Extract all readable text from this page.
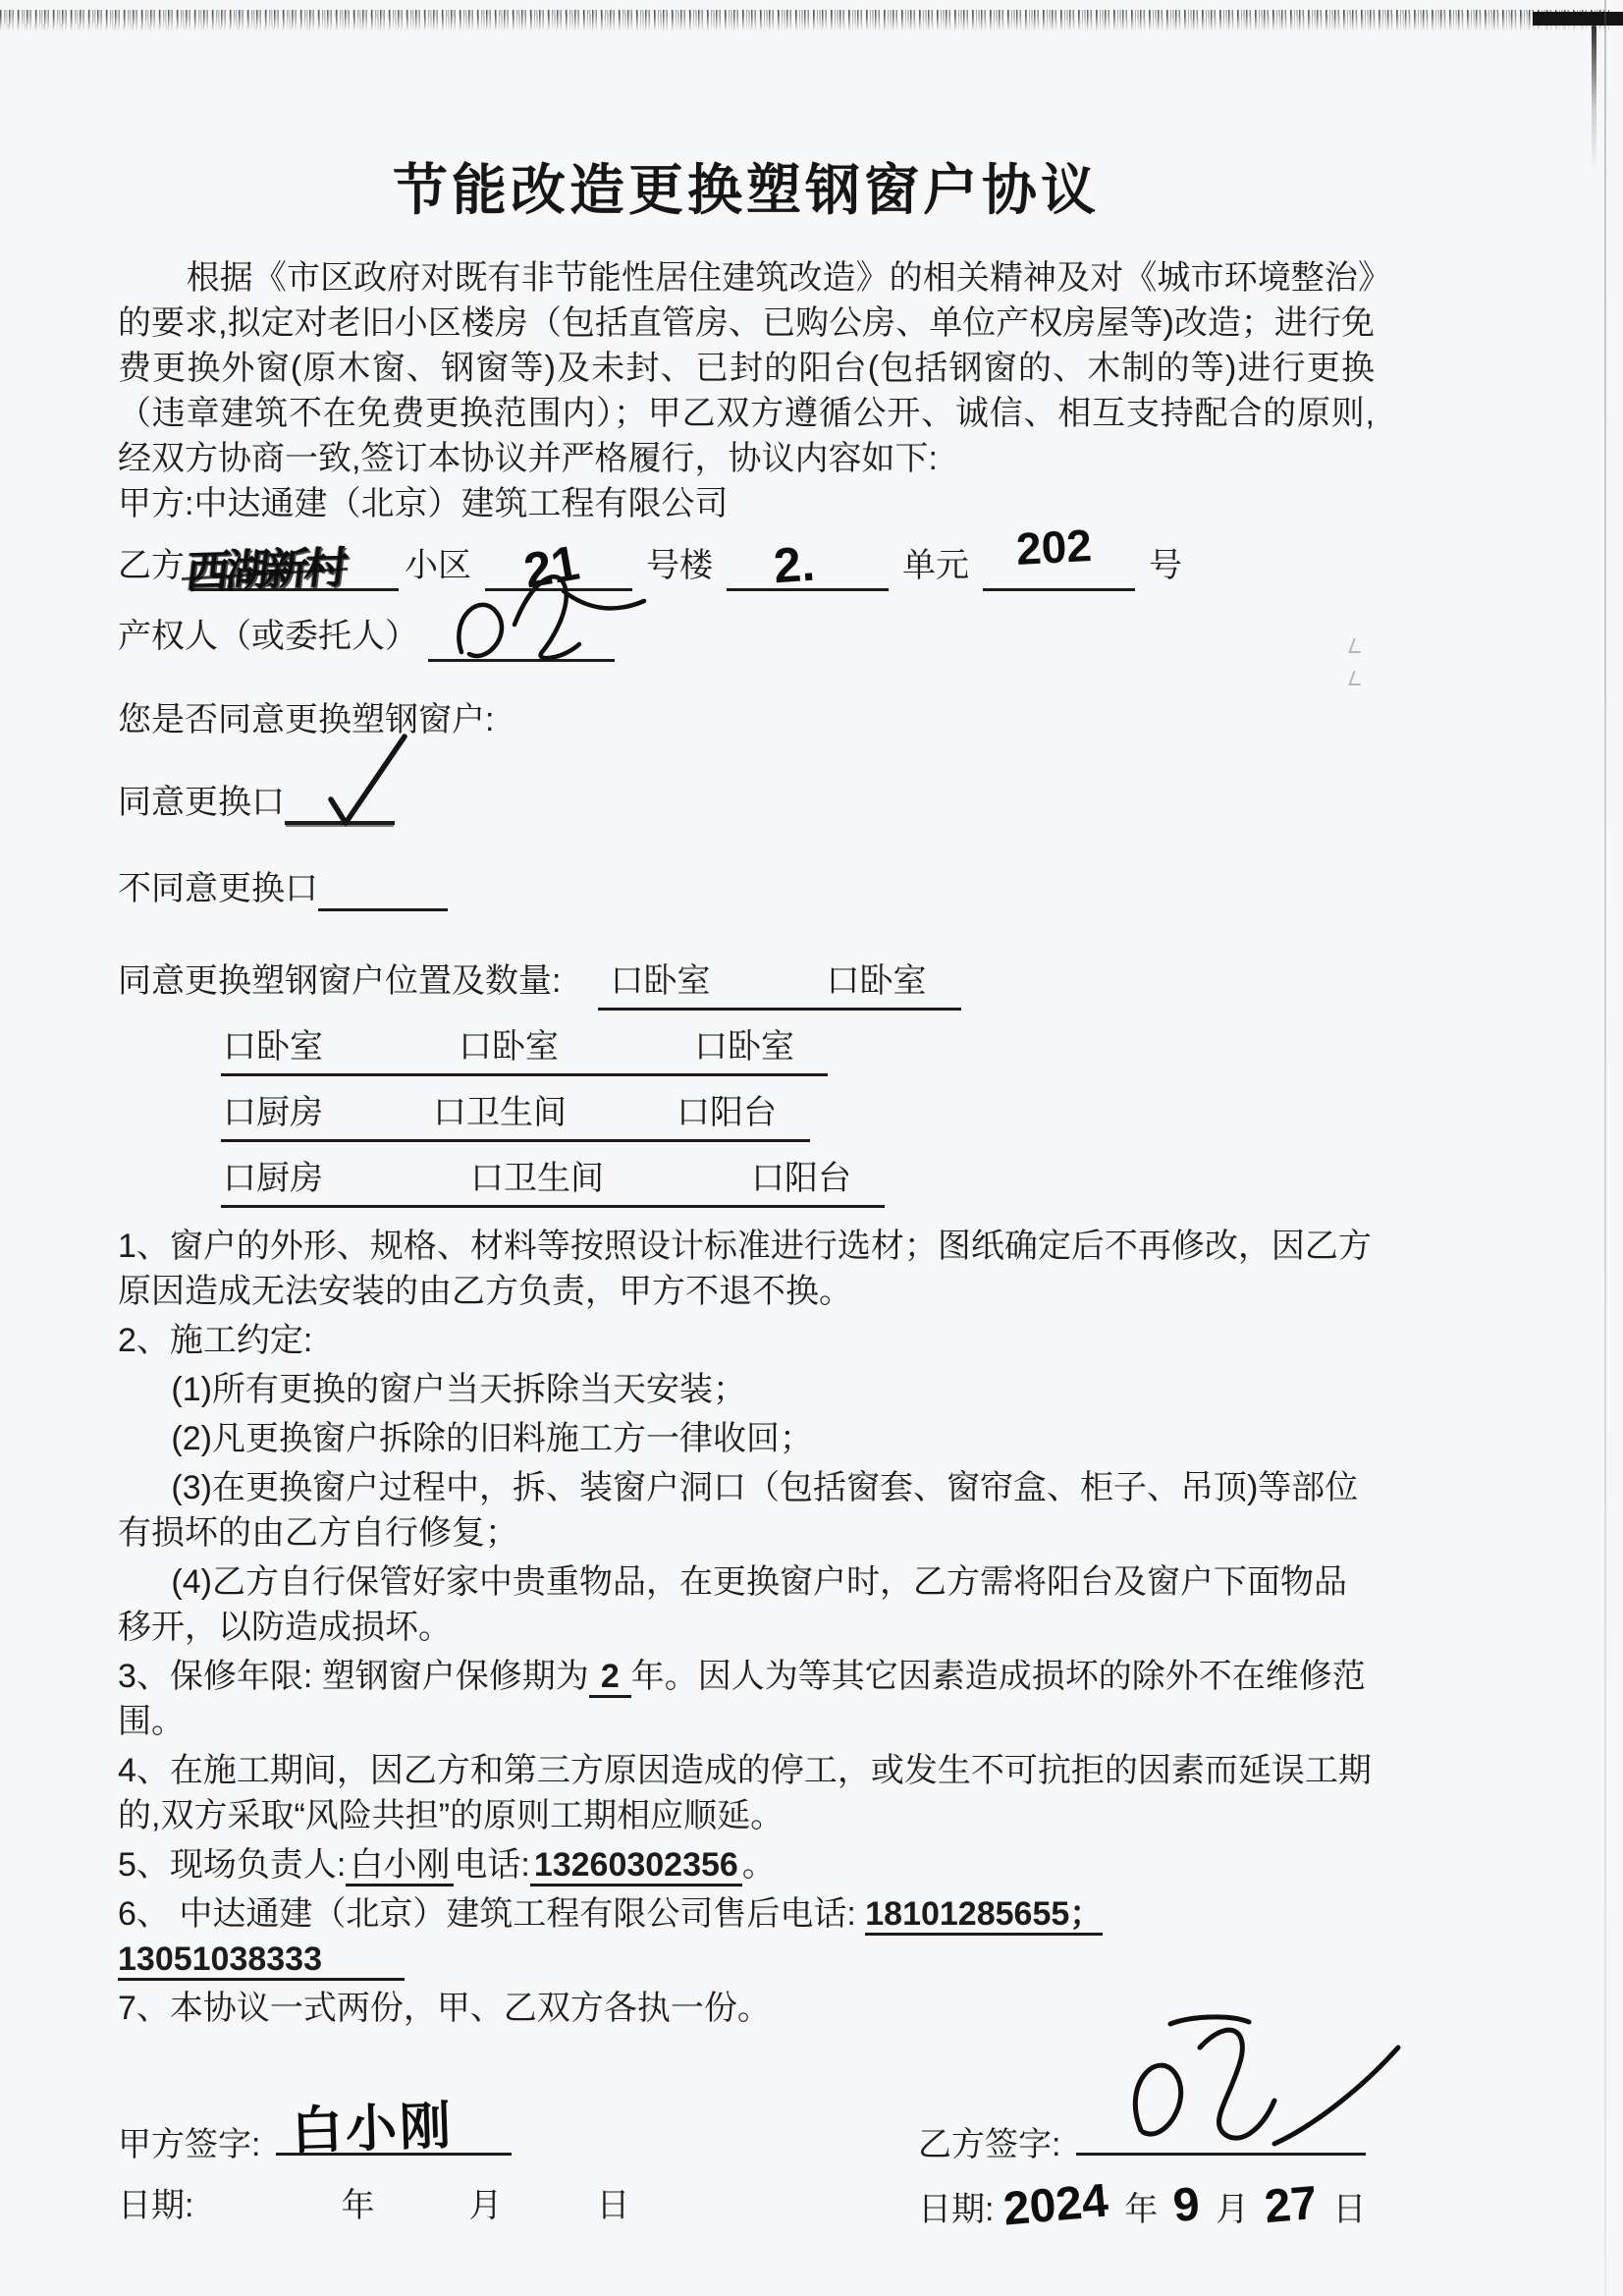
节能改造更换塑钢窗户协议

根据《市区政府对既有非节能性居住建筑改造》的相关精神及对《城市环境整治》的要求,拟定对老旧小区楼房（包括直管房、已购公房、单位产权房屋等)改造；进行免费更换外窗(原木窗、钢窗等)及未封、已封的阳台(包括钢窗的、木制的等)进行更换（违章建筑不在免费更换范围内）；甲乙双方遵循公开、诚信、相互支持配合的原则,经双方协商一致,签订本协议并严格履行，协议内容如下:

甲方:中达通建（北京）建筑工程有限公司

乙方
西湖新村 小区 21 号楼 2.	单元 202 号
产权人（或委托人）

您是否同意更换塑钢窗户:

同意更换口
不同意更换口
同意更换塑钢窗户位置及数量: 口卧室	口卧室
口卧室	口卧室	口卧室
口厨房	口卫生间	口阳台
口厨房	口卫生间	口阳台

1、窗户的外形、规格、材料等按照设计标准进行选材；图纸确定后不再修改，因乙方原因造成无法安装的由乙方负责，甲方不退不换。

2、施工约定:

(1)所有更换的窗户当天拆除当天安装；

(2)凡更换窗户拆除的旧料施工方一律收回；

(3)在更换窗户过程中，拆、装窗户洞口（包括窗套、窗帘盒、柜子、吊顶)等部位有损坏的由乙方自行修复；

(4)乙方自行保管好家中贵重物品，在更换窗户时，乙方需将阳台及窗户下面物品移开，以防造成损坏。

3、保修年限: 塑钢窗户保修期为 2 年。因人为等其它因素造成损坏的除外不在维修范围。

4、在施工期间，因乙方和第三方原因造成的停工，或发生不可抗拒的因素而延误工期的,双方采取“风险共担”的原则工期相应顺延。

5、现场负责人: 白小刚 电话: 13260302356 。

6、 中达通建（北京）建筑工程有限公司售后电话: 18101285655； 13051038333

7、本协议一式两份，甲、乙双方各执一份。

甲方签字: 白小刚
日期:	年	月	日
乙方签字:
日期: 2024 年 9 月 27 日
